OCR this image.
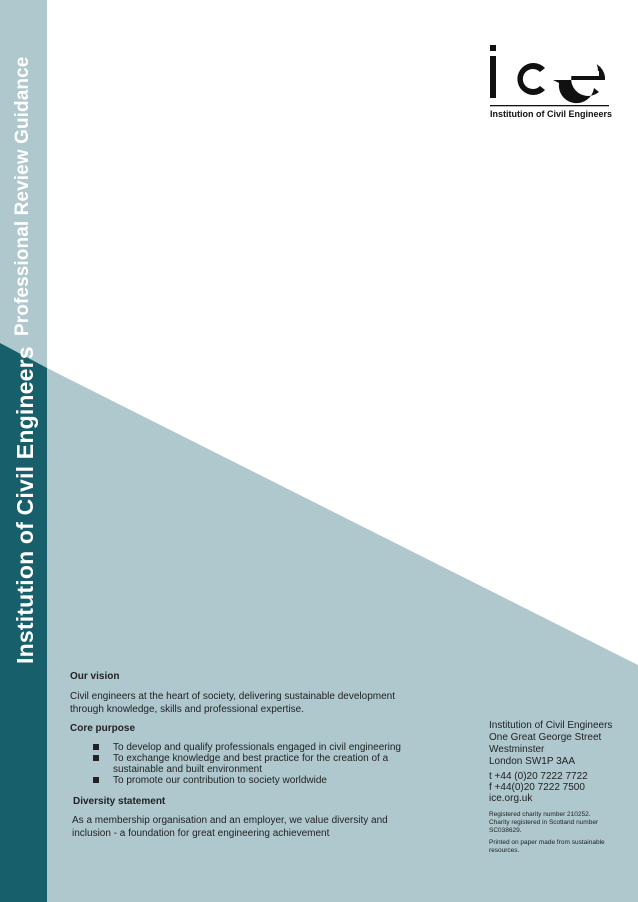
Professional Review Guidance
Institution of Civil Engineers
Institution of Civil Engineers
Our vision
Civil engineers at the heart of society, delivering sustainable development through knowledge, skills and professional expertise.
Core purpose
To develop and qualify professionals engaged in civil engineering
To exchange knowledge and best practice for the creation of a sustainable and built environment
To promote our contribution to society worldwide
Diversity statement
As a membership organisation and an employer, we value diversity and inclusion - a foundation for great engineering achievement
Institution of Civil Engineers
One Great George Street
Westminster
London SW1P 3AA
t +44 (0)20 7222 7722
f +44(0)20 7222 7500
ice.org.uk
Registered charity number 210252. Charity registered in Scotland number SC038629.
Printed on paper made from sustainable resources.
